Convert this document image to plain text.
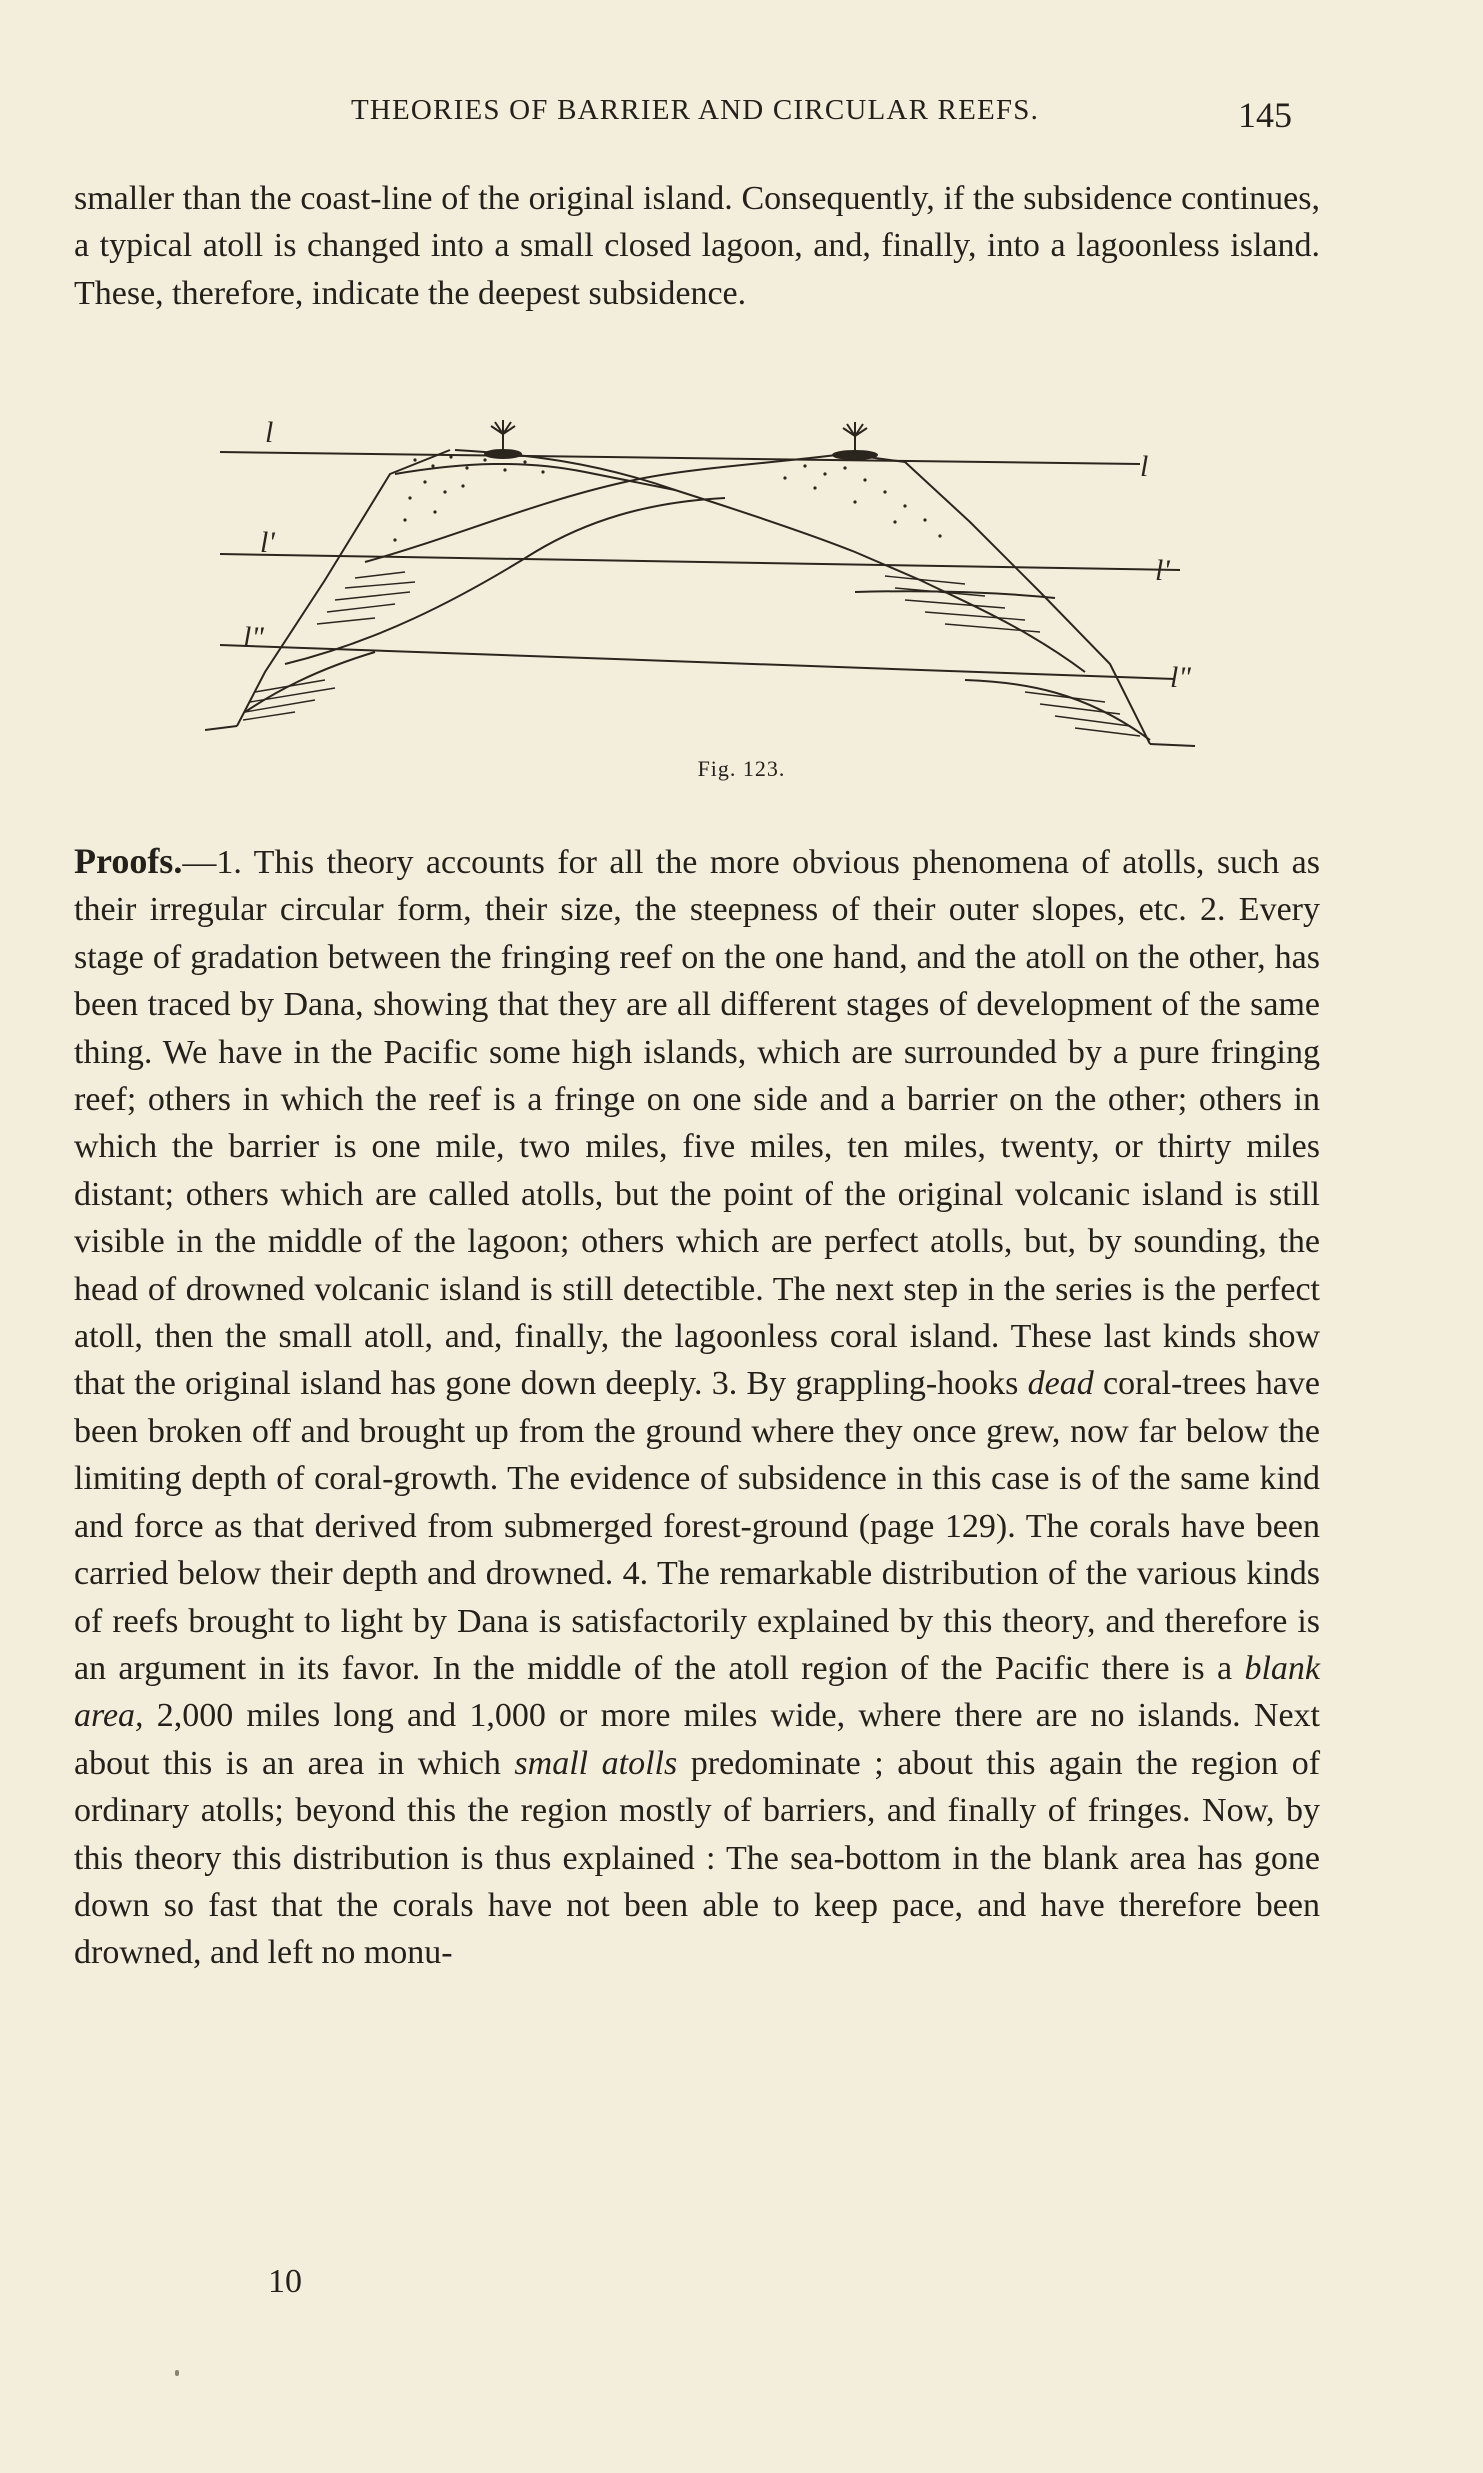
THEORIES OF BARRIER AND CIRCULAR REEFS.	145

smaller than the coast-line of the original island. Consequently, if the subsidence continues, a typical atoll is changed into a small closed lagoon, and, finally, into a lagoonless island. These, therefore, indicate the deepest subsidence.

l
l'
l"
l
l'
l"
Fig. 123.

Proofs.—1. This theory accounts for all the more obvious phenomena of atolls, such as their irregular circular form, their size, the steepness of their outer slopes, etc. 2. Every stage of gradation between the fringing reef on the one hand, and the atoll on the other, has been traced by Dana, showing that they are all different stages of development of the same thing. We have in the Pacific some high islands, which are surrounded by a pure fringing reef; others in which the reef is a fringe on one side and a barrier on the other; others in which the barrier is one mile, two miles, five miles, ten miles, twenty, or thirty miles distant; others which are called atolls, but the point of the original volcanic island is still visible in the middle of the lagoon; others which are perfect atolls, but, by sounding, the head of drowned volcanic island is still detectible. The next step in the series is the perfect atoll, then the small atoll, and, finally, the lagoonless coral island. These last kinds show that the original island has gone down deeply. 3. By grappling-hooks dead coral-trees have been broken off and brought up from the ground where they once grew, now far below the limiting depth of coral-growth. The evidence of subsidence in this case is of the same kind and force as that derived from submerged forest-ground (page 129). The corals have been carried below their depth and drowned. 4. The remarkable distribution of the various kinds of reefs brought to light by Dana is satisfactorily explained by this theory, and therefore is an argument in its favor. In the middle of the atoll region of the Pacific there is a blank area, 2,000 miles long and 1,000 or more miles wide, where there are no islands. Next about this is an area in which small atolls predominate ; about this again the region of ordinary atolls; beyond this the region mostly of barriers, and finally of fringes. Now, by this theory this distribution is thus explained : The sea-bottom in the blank area has gone down so fast that the corals have not been able to keep pace, and have therefore been drowned, and left no monu-

10
